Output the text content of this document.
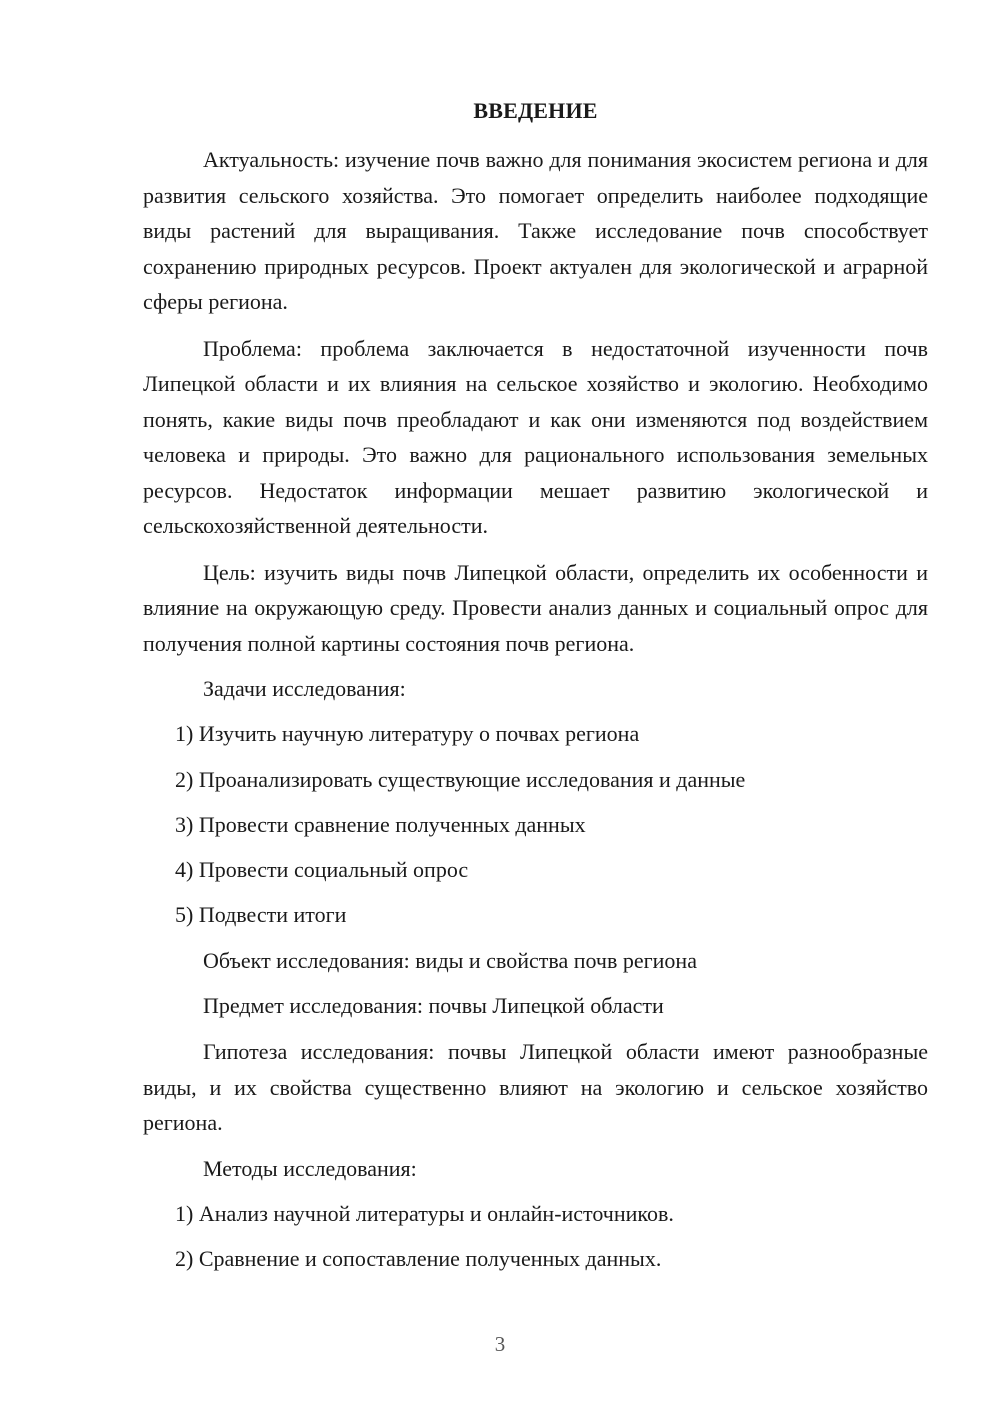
ВВЕДЕНИЕ

Актуальность: изучение почв важно для понимания экосистем региона и для развития сельского хозяйства. Это помогает определить наиболее подходящие виды растений для выращивания. Также исследование почв способствует сохранению природных ресурсов. Проект актуален для экологической и аграрной сферы региона.

Проблема: проблема заключается в недостаточной изученности почв Липецкой области и их влияния на сельское хозяйство и экологию. Необходимо понять, какие виды почв преобладают и как они изменяются под воздействием человека и природы. Это важно для рационального использования земельных ресурсов. Недостаток информации мешает развитию экологической и сельскохозяйственной деятельности.

Цель: изучить виды почв Липецкой области, определить их особенности и влияние на окружающую среду. Провести анализ данных и социальный опрос для получения полной картины состояния почв региона.

Задачи исследования:
1) Изучить научную литературу о почвах региона
2) Проанализировать существующие исследования и данные
3) Провести сравнение полученных данных
4) Провести социальный опрос
5) Подвести итоги
Объект исследования: виды и свойства почв региона
Предмет исследования: почвы Липецкой области

Гипотеза исследования: почвы Липецкой области имеют разнообразные виды, и их свойства существенно влияют на экологию и сельское хозяйство региона.

Методы исследования:
1) Анализ научной литературы и онлайн-источников.
2) Сравнение и сопоставление полученных данных.
3
